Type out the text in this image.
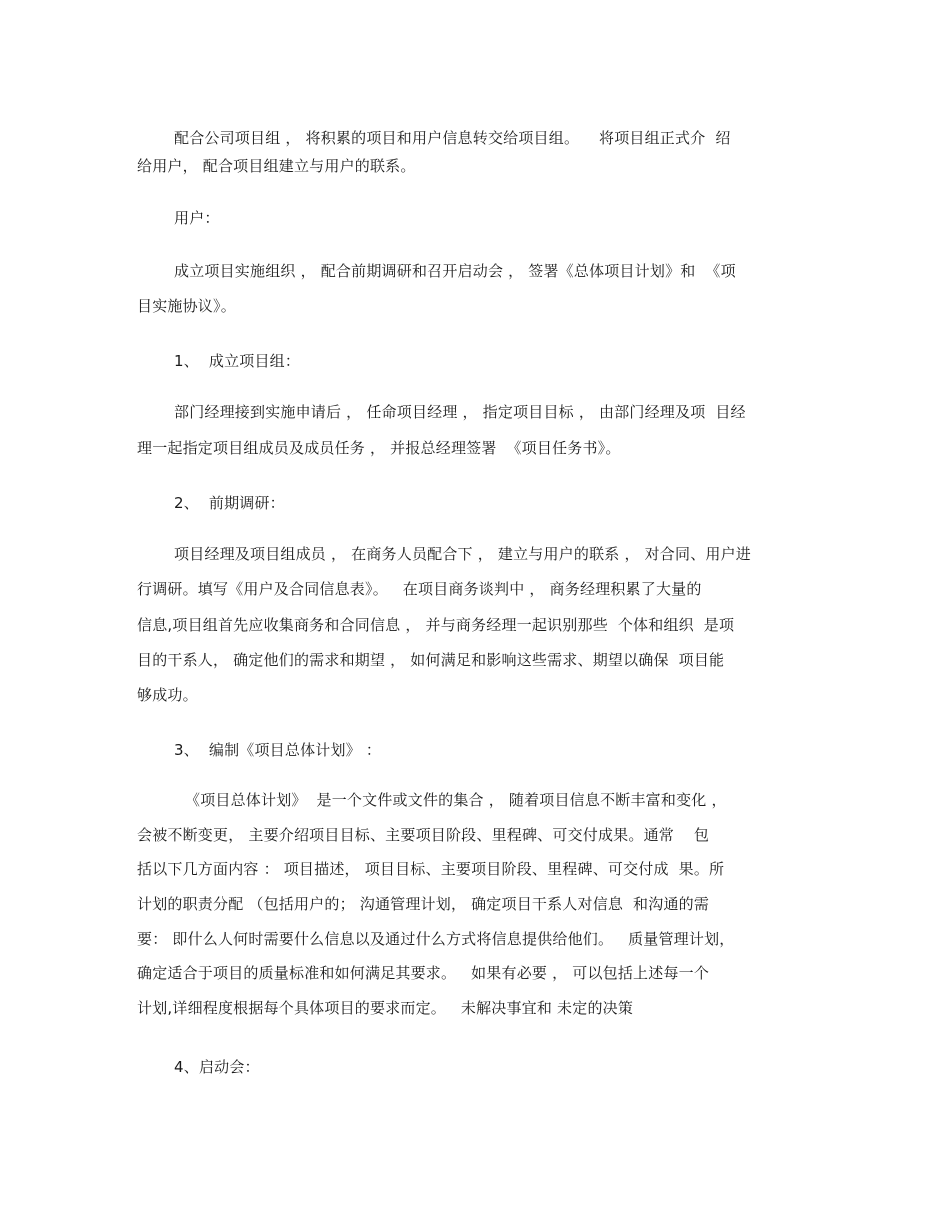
配合公司项目组 ， 将积累的项目和用户信息转交给项目组。    将项目组正式介  绍
给用户， 配合项目组建立与用户的联系。
用户：
成立项目实施组织 ， 配合前期调研和召开启动会 ， 签署《总体项目计划》和  《项
目实施协议》。
1、  成立项目组：
部门经理接到实施申请后 ， 任命项目经理 ， 指定项目目标 ， 由部门经理及项  目经
理一起指定项目组成员及成员任务 ， 并报总经理签署  《项目任务书》。
2、  前期调研：
项目经理及项目组成员 ， 在商务人员配合下 ， 建立与用户的联系 ， 对合同、用户进
行调研。填写《用户及合同信息表》。   在项目商务谈判中 ， 商务经理积累了大量的
信息,项目组首先应收集商务和合同信息 ， 并与商务经理一起识别那些  个体和组织  是项
目的干系人， 确定他们的需求和期望 ， 如何满足和影响这些需求、期望以确保  项目能
够成功。
3、  编制《项目总体计划》 ：
《项目总体计划》  是一个文件或文件的集合 ， 随着项目信息不断丰富和变化 ，
会被不断变更， 主要介绍项目目标、主要项目阶段、里程碑、可交付成果。通常    包
括以下几方面内容 ： 项目描述， 项目目标、主要项目阶段、里程碑、可交付成  果。所
计划的职责分配 （包括用户的； 沟通管理计划， 确定项目干系人对信息  和沟通的需
要： 即什么人何时需要什么信息以及通过什么方式将信息提供给他们。   质量管理计划，
确定适合于项目的质量标准和如何满足其要求。   如果有必要 ， 可以包括上述每一个
计划,详细程度根据每个具体项目的要求而定。   未解决事宜和 未定的决策
4、启动会：
